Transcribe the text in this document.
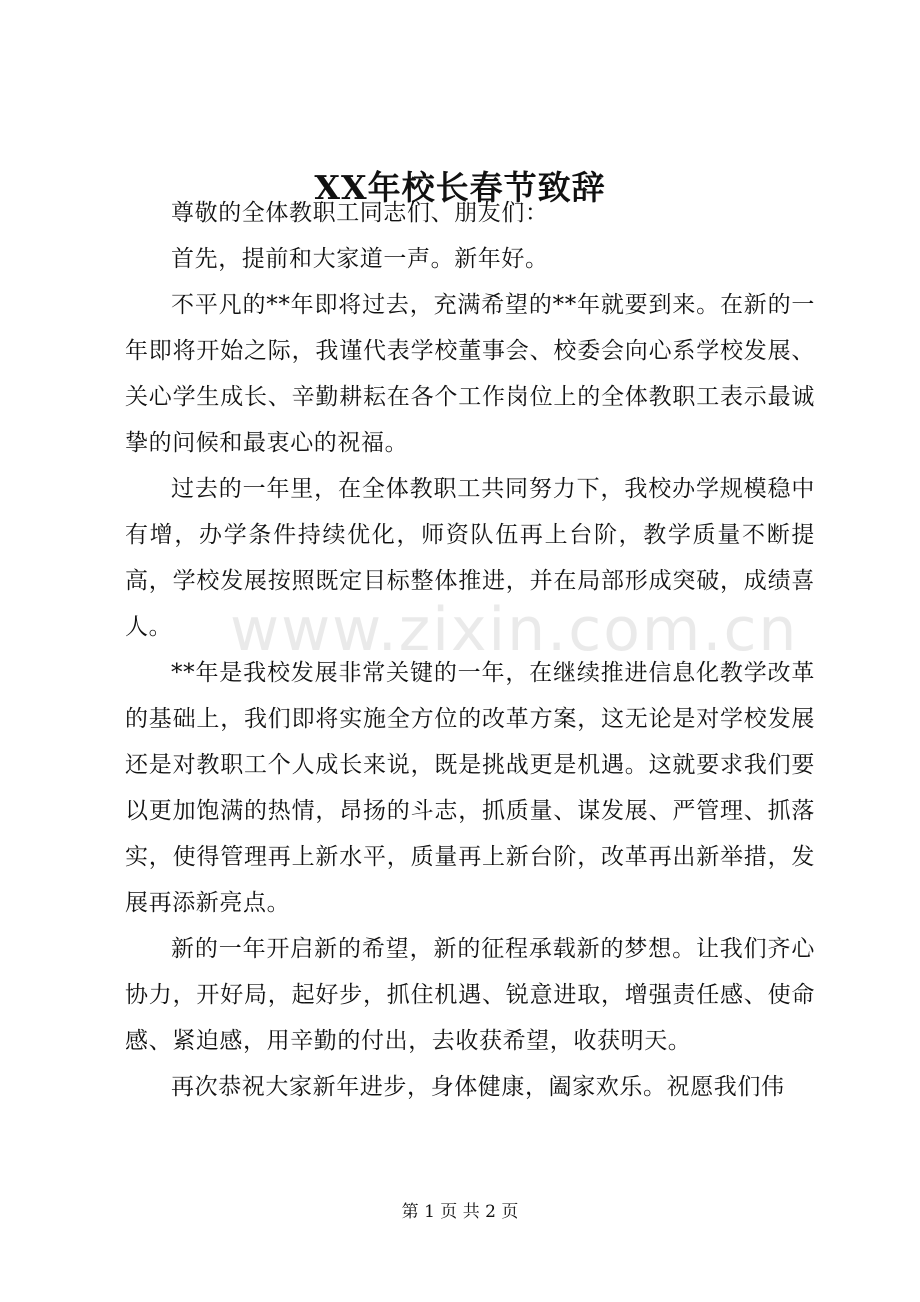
XX年校长春节致辞
www.zixin.com.cn

尊敬的全体教职工同志们、朋友们：

首先，提前和大家道一声。新年好。

不平凡的**年即将过去，充满希望的**年就要到来。在新的一年即将开始之际，我谨代表学校董事会、校委会向心系学校发展、关心学生成长、辛勤耕耘在各个工作岗位上的全体教职工表示最诚挚的问候和最衷心的祝福。

过去的一年里，在全体教职工共同努力下，我校办学规模稳中有增，办学条件持续优化，师资队伍再上台阶，教学质量不断提高，学校发展按照既定目标整体推进，并在局部形成突破，成绩喜人。

**年是我校发展非常关键的一年，在继续推进信息化教学改革的基础上，我们即将实施全方位的改革方案，这无论是对学校发展还是对教职工个人成长来说，既是挑战更是机遇。这就要求我们要以更加饱满的热情，昂扬的斗志，抓质量、谋发展、严管理、抓落实，使得管理再上新水平，质量再上新台阶，改革再出新举措，发展再添新亮点。

新的一年开启新的希望，新的征程承载新的梦想。让我们齐心协力，开好局，起好步，抓住机遇、锐意进取，增强责任感、使命感、紧迫感，用辛勤的付出，去收获希望，收获明天。

再次恭祝大家新年进步，身体健康，阖家欢乐。祝愿我们伟

第 1 页 共 2 页
